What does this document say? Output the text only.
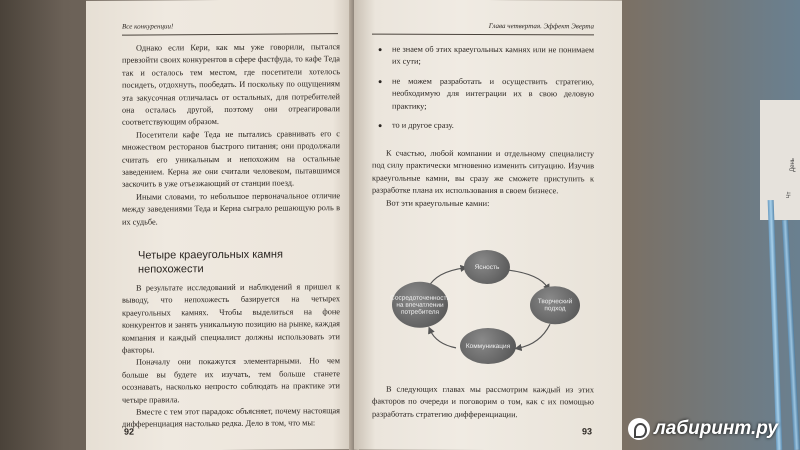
Все конкуренции!

Однако если Кери, как мы уже говорили, пытался превзойти своих конкурентов в сфере фастфуда, то кафе Теда так и осталось тем местом, где посетители хотелось посидеть, отдохнуть, пообедать. И поскольку по ощущениям эта закусочная отличалась от остальных, для потребителей она осталась другой, поэтому они отреагировали соответствующим образом.

Посетители кафе Теда не пытались сравнивать его с множеством ресторанов быстрого питания; они продолжали считать его уникальным и непохожим на остальные заведением. Керна же они считали человеком, пытавшимся заскочить в уже отъезжающий от станции поезд.

Иными словами, то небольшое первоначальное отличие между заведениями Теда и Керна сыграло решающую роль в их судьбе.

Четыре краеугольных камня непохожести

В результате исследований и наблюдений я пришел к выводу, что непохожесть базируется на четырех краеугольных камнях. Чтобы выделиться на фоне конкурентов и занять уникальную позицию на рынке, каждая компания и каждый специалист должны использовать эти факторы.

Поначалу они покажутся элементарными. Но чем больше вы будете их изучать, тем больше станете осознавать, насколько непросто соблюдать на практике эти четыре правила.

Вместе с тем этот парадокс объясняет, почему настоящая дифференциация настолько редка. Дело в том, что мы:

92
Глава четвертая. Эффект Эверта
● не знаем об этих краеугольных камнях или не понимаем их сути;
● не можем разработать и осуществить стратегию, необходимую для интеграции их в свою деловую практику;
● то и другое сразу.

К счастью, любой компании и отдельному специалисту под силу практически мгновенно изменить ситуацию. Изучив краеугольные камни, вы сразу же сможете приступить к разработке плана их использования в своем бизнесе.

Вот эти краеугольные камни:

Ясность
Творческий подход
Коммуникация
Сосредоточенность на впечатлении потребителя

В следующих главах мы рассмотрим каждый из этих факторов по очереди и поговорим о том, как с их помощью разработать стратегию дифференциации.

93
День
Чт
лабиринт.ру
